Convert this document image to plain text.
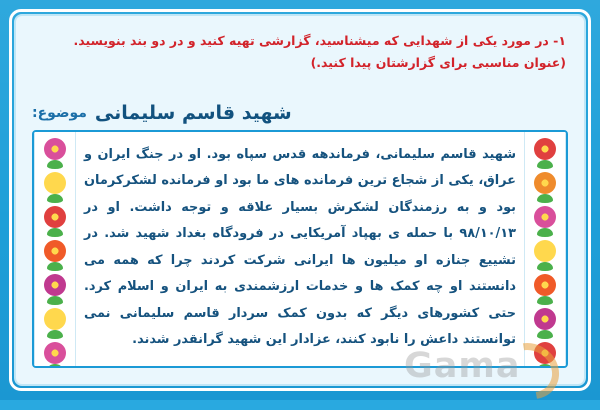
۱- در مورد یکی از شهدایی که میشناسید، گزارشی تهیه کنید و در دو بند بنویسید. (عنوان مناسبی برای گزارشتان پیدا کنید.)
موضوع: شهید قاسم سلیمانی
شهید قاسم سلیمانی، فرماندهه قدس سپاه بود. او در جنگ ایران و عراق، یکی از شجاع ترین فرمانده های ما بود او فرمانده لشکرکرمان بود و به رزمندگان لشکرش بسیار علاقه و توجه داشت. او در ۹۸/۱۰/۱۳ با حمله ی بهپاد آمریکایی در فرودگاه بغداد شهید شد. در تشییع جنازه او میلیون ها ایرانی شرکت کردند چرا که همه می دانستند او چه کمک ها و خدمات ارزشمندی به ایران و اسلام کرد. حتی کشورهای دیگر که بدون کمک سردار قاسم سلیمانی نمی توانستند داعش را نابود کنند، عزادار این شهید گرانقدر شدند.
Gama
